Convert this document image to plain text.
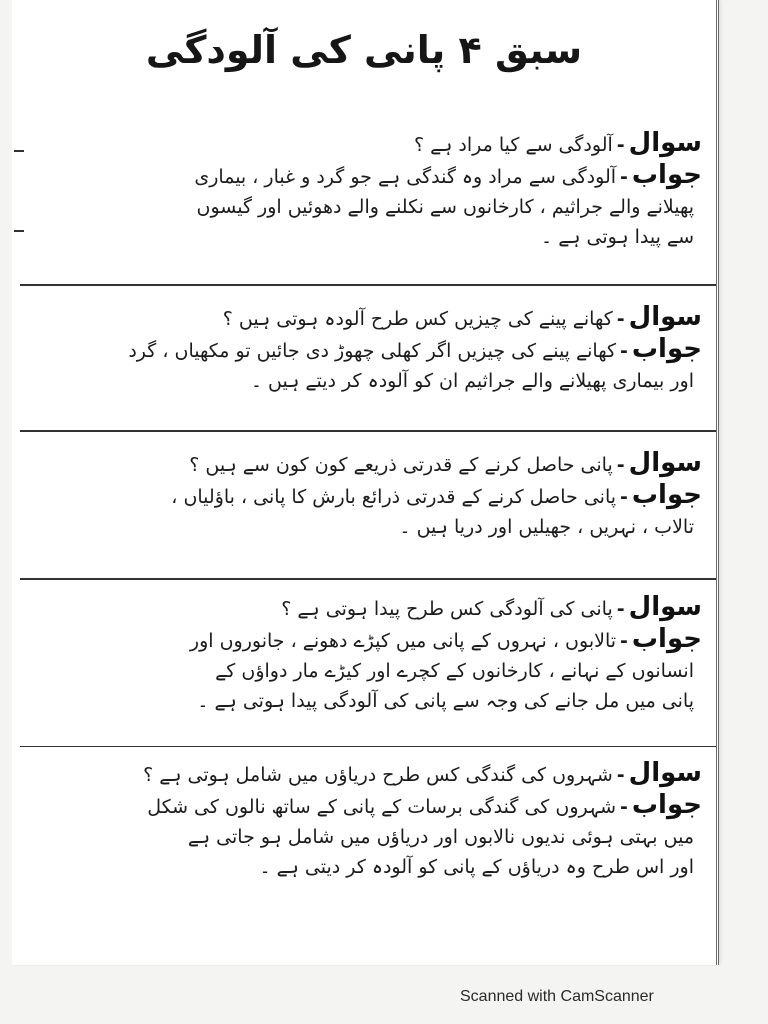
سبق ۴ پانی کی آلودگی
سوال-آلودگی سے کیا مراد ہے ؟
جواب-آلودگی سے مراد وہ گندگی ہے جو گرد و غبار ، بیماری
پھیلانے والے جراثیم ، کارخانوں سے نکلنے والے دھوئیں اور گیسوں
سے پیدا ہوتی ہے ۔
سوال-کھانے پینے کی چیزیں کس طرح آلودہ ہوتی ہیں ؟
جواب-کھانے پینے کی چیزیں اگر کھلی چھوڑ دی جائیں تو مکھیاں ، گرد
اور بیماری پھیلانے والے جراثیم ان کو آلودہ کر دیتے ہیں ۔
سوال-پانی حاصل کرنے کے قدرتی ذریعے کون کون سے ہیں ؟
جواب-پانی حاصل کرنے کے قدرتی ذرائع بارش کا پانی ، باؤلیاں ،
تالاب ، نہریں ، جھیلیں اور دریا ہیں ۔
سوال-پانی کی آلودگی کس طرح پیدا ہوتی ہے ؟
جواب-تالابوں ، نہروں کے پانی میں کپڑے دھونے ، جانوروں اور
انسانوں کے نہانے ، کارخانوں کے کچرے اور کیڑے مار دواؤں کے
پانی میں مل جانے کی وجہ سے پانی کی آلودگی پیدا ہوتی ہے ۔
سوال-شہروں کی گندگی کس طرح دریاؤں میں شامل ہوتی ہے ؟
جواب-شہروں کی گندگی برسات کے پانی کے ساتھ نالوں کی شکل
میں بہتی ہوئی ندیوں نالابوں اور دریاؤں میں شامل ہو جاتی ہے
اور اس طرح وہ دریاؤں کے پانی کو آلودہ کر دیتی ہے ۔
Scanned with CamScanner
